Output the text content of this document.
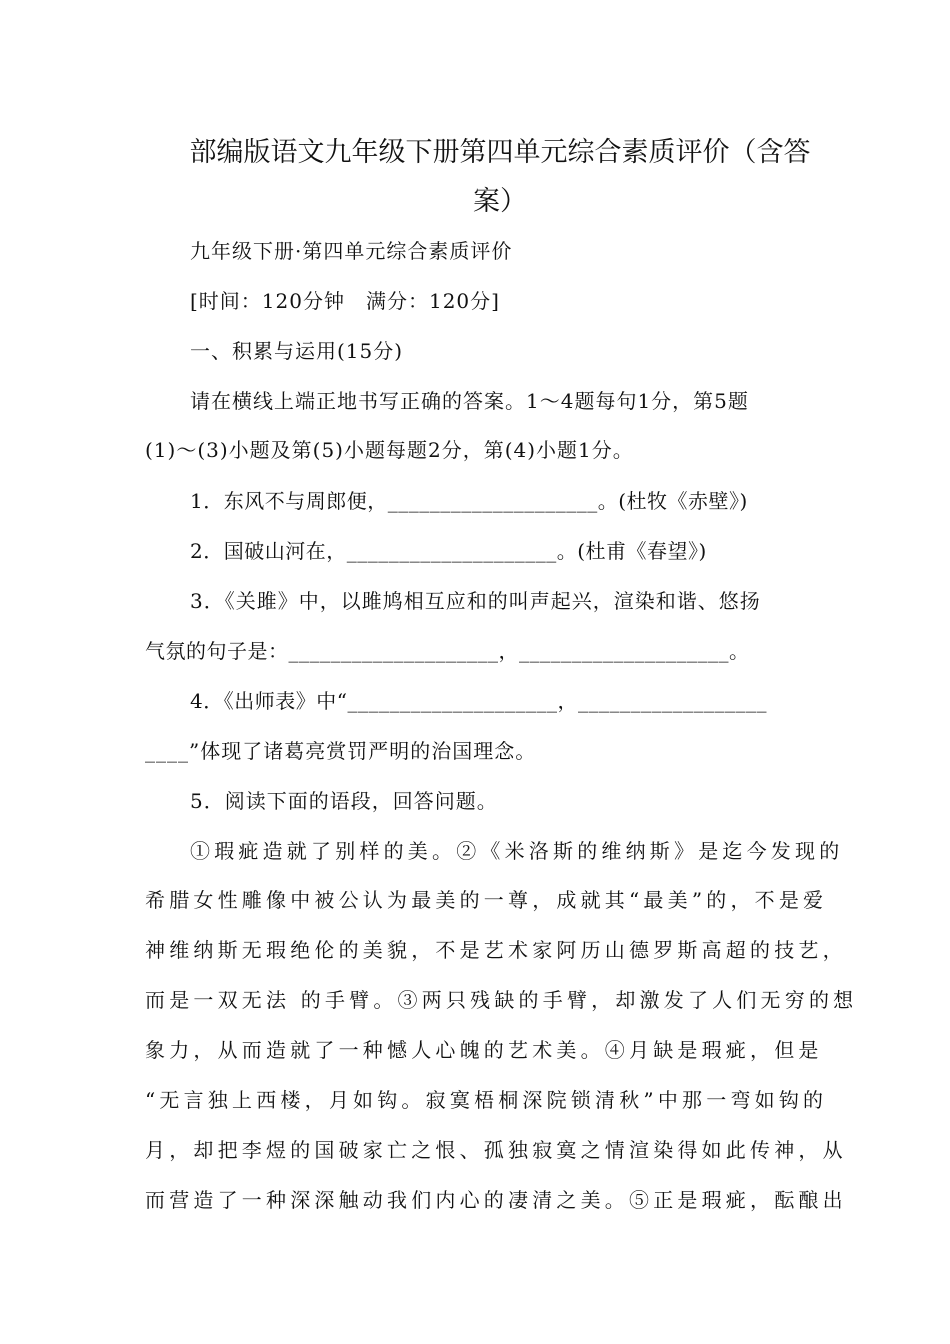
部编版语文九年级下册第四单元综合素质评价（含答
案）
九年级下册·第四单元综合素质评价
[时间：120分钟　满分：120分]
一、积累与运用(15分)
请在横线上端正地书写正确的答案。1～4题每句1分，第5题
(1)～(3)小题及第(5)小题每题2分，第(4)小题1分。
1．东风不与周郎便，____________________。(杜牧《赤壁》)
2．国破山河在，____________________。(杜甫《春望》)
3．《关雎》中，以雎鸠相互应和的叫声起兴，渲染和谐、悠扬
气氛的句子是：____________________，____________________。
4．《出师表》中“____________________，__________________
____”体现了诸葛亮赏罚严明的治国理念。
5．阅读下面的语段，回答问题。
①瑕疵造就了别样的美。②《米洛斯的维纳斯》是迄今发现的
希腊女性雕像中被公认为最美的一尊，成就其“最美”的，不是爱
神维纳斯无瑕绝伦的美貌，不是艺术家阿历山德罗斯高超的技艺，
而是一双无法 的手臂。③两只残缺的手臂，却激发了人们无穷的想
象力，从而造就了一种憾人心魄的艺术美。④月缺是瑕疵，但是
“无言独上西楼，月如钩。寂寞梧桐深院锁清秋”中那一弯如钩的
月，却把李煜的国破家亡之恨、孤独寂寞之情渲染得如此传神，从
而营造了一种深深触动我们内心的凄清之美。⑤正是瑕疵，酝酿出
